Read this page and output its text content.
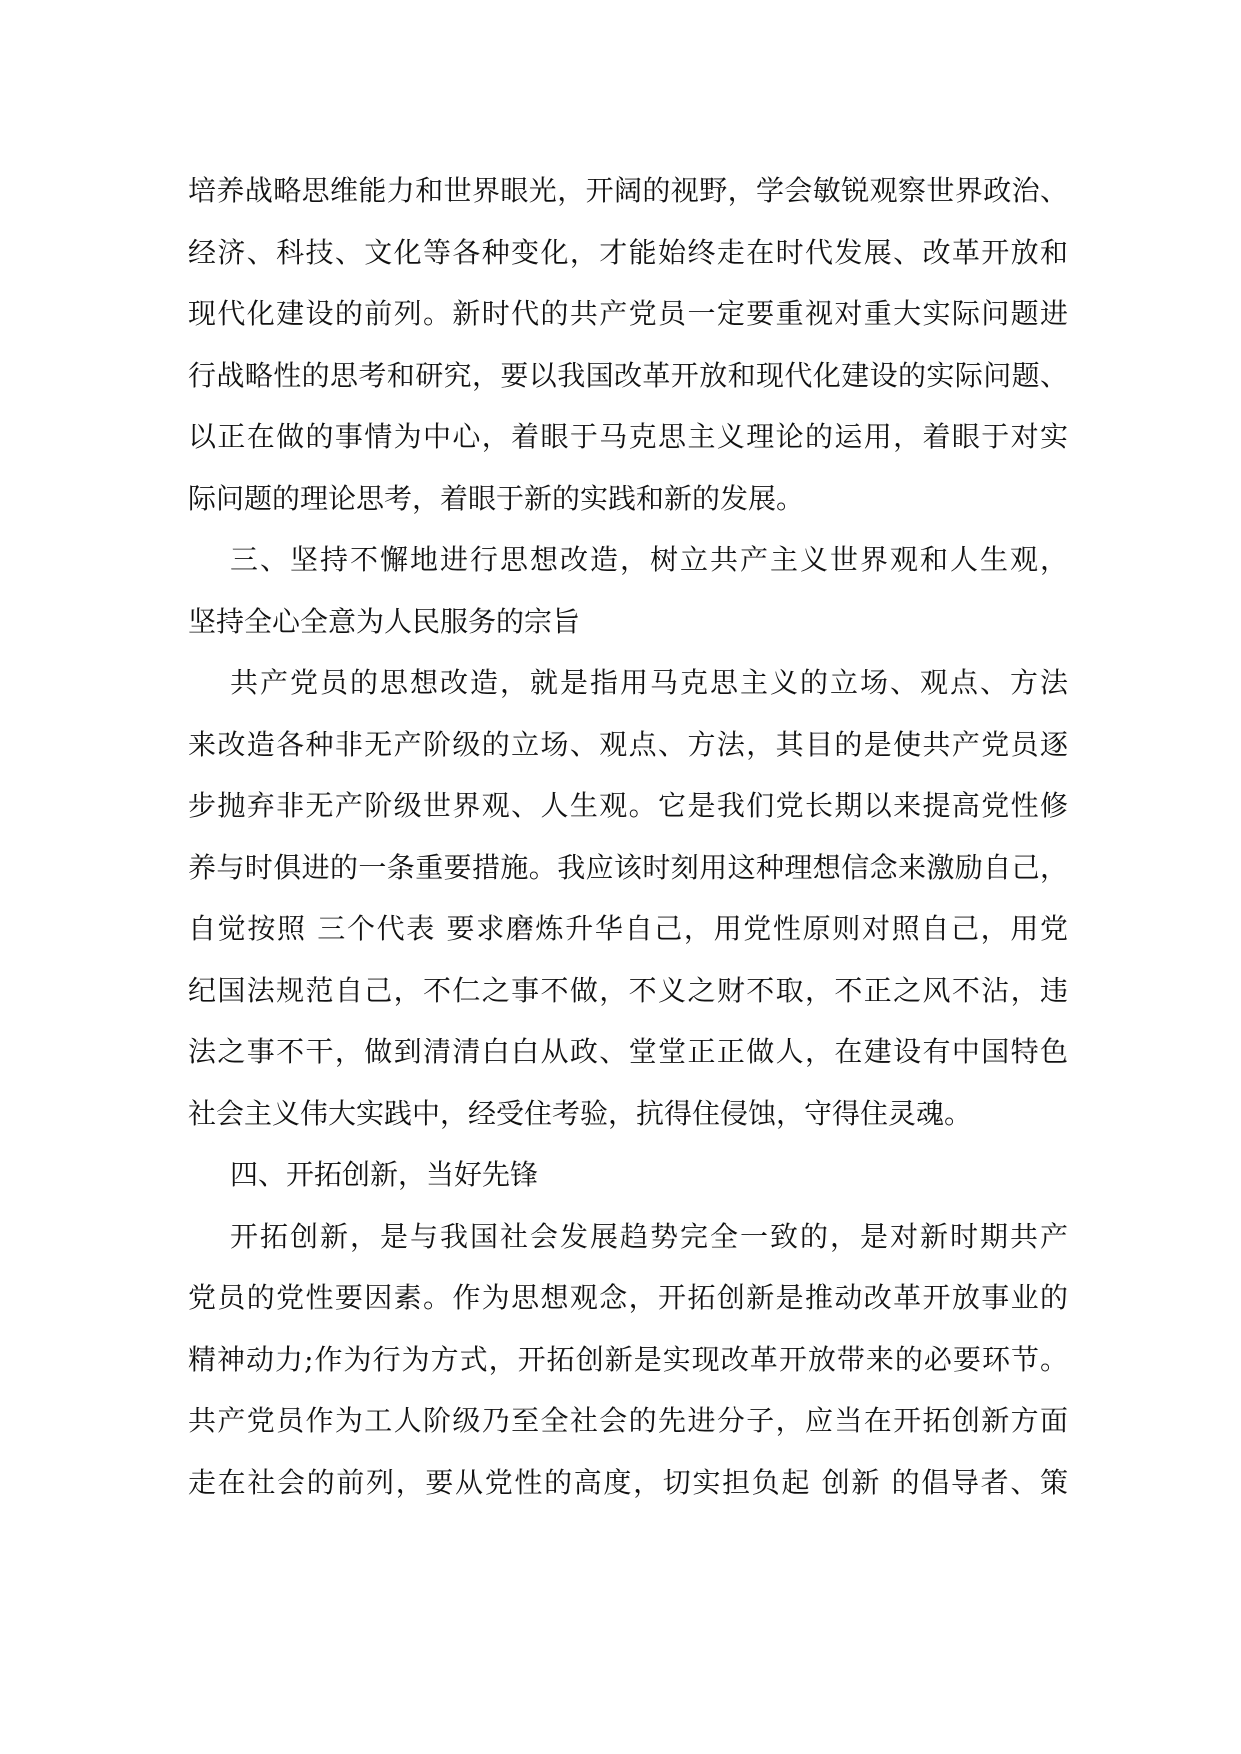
培养战略思维能力和世界眼光，开阔的视野，学会敏锐观察世界政治、
经济、科技、文化等各种变化，才能始终走在时代发展、改革开放和
现代化建设的前列。新时代的共产党员一定要重视对重大实际问题进
行战略性的思考和研究，要以我国改革开放和现代化建设的实际问题、
以正在做的事情为中心，着眼于马克思主义理论的运用，着眼于对实
际问题的理论思考，着眼于新的实践和新的发展。
三、坚持不懈地进行思想改造，树立共产主义世界观和人生观，
坚持全心全意为人民服务的宗旨
共产党员的思想改造，就是指用马克思主义的立场、观点、方法
来改造各种非无产阶级的立场、观点、方法，其目的是使共产党员逐
步抛弃非无产阶级世界观、人生观。它是我们党长期以来提高党性修
养与时俱进的一条重要措施。我应该时刻用这种理想信念来激励自己，
自觉按照 三个代表 要求磨炼升华自己，用党性原则对照自己，用党
纪国法规范自己，不仁之事不做，不义之财不取，不正之风不沾，违
法之事不干，做到清清白白从政、堂堂正正做人，在建设有中国特色
社会主义伟大实践中，经受住考验，抗得住侵蚀，守得住灵魂。
四、开拓创新，当好先锋
开拓创新，是与我国社会发展趋势完全一致的，是对新时期共产
党员的党性要因素。作为思想观念，开拓创新是推动改革开放事业的
精神动力;作为行为方式，开拓创新是实现改革开放带来的必要环节。
共产党员作为工人阶级乃至全社会的先进分子，应当在开拓创新方面
走在社会的前列，要从党性的高度，切实担负起 创新 的倡导者、策
